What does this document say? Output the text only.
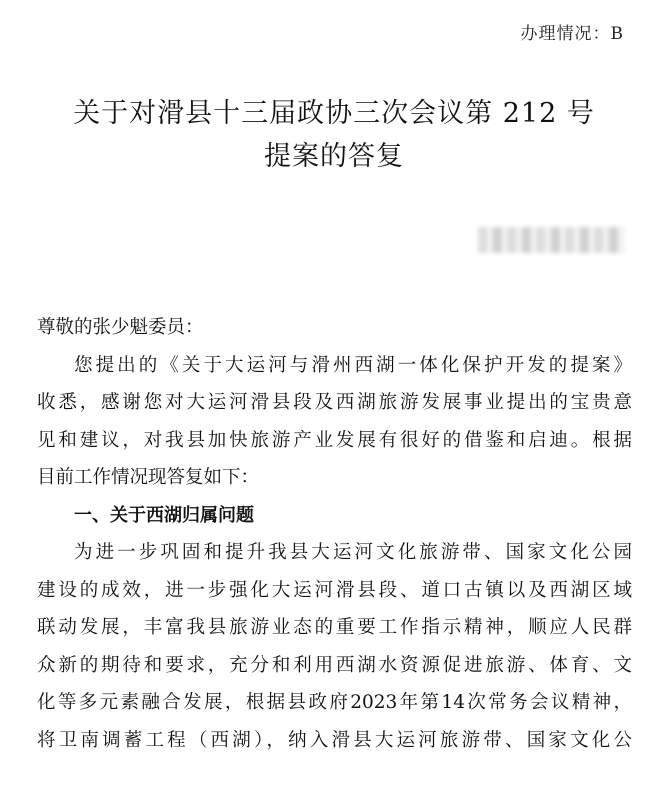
办理情况：B
关于对滑县十三届政协三次会议第 212 号
提案的答复
尊敬的张少魁委员：
您提出的《关于大运河与滑州西湖一体化保护开发的提案》
收悉，感谢您对大运河滑县段及西湖旅游发展事业提出的宝贵意
见和建议，对我县加快旅游产业发展有很好的借鉴和启迪。根据
目前工作情况现答复如下：
一、关于西湖归属问题
为进一步巩固和提升我县大运河文化旅游带、国家文化公园
建设的成效，进一步强化大运河滑县段、道口古镇以及西湖区域
联动发展，丰富我县旅游业态的重要工作指示精神，顺应人民群
众新的期待和要求，充分和利用西湖水资源促进旅游、体育、文
化等多元素融合发展，根据县政府2023年第14次常务会议精神，
将卫南调蓄工程（西湖），纳入滑县大运河旅游带、国家文化公
